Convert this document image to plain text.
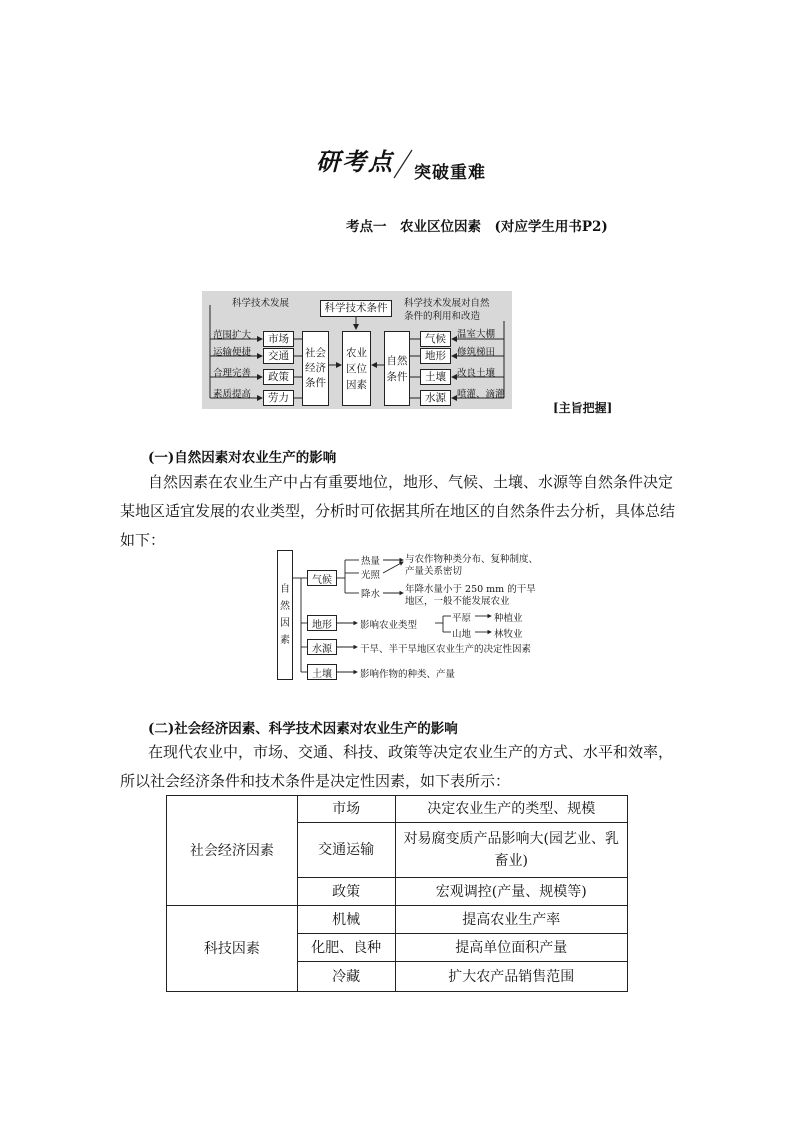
研考点 突破重难
考点一　农业区位因素　(对应学生用书P2)
科学技术发展	科学技术条件	科学技术发展对自然
条件的利用和改造
范围扩大
运输便捷
合理完善
素质提高
市场
交通
政策
劳力
社会经济条件
农业区位因素
自然条件
气候
地形
土壤
水源
温室大棚
修筑梯田
改良土壤
喷灌、滴灌
[主旨把握]
(一)自然因素对农业生产的影响
自然因素在农业生产中占有重要地位，地形、气候、土壤、水源等自然条件决定某地区适宜发展的农业类型，分析时可依据其所在地区的自然条件去分析，具体总结如下：
自然因素
气候
热量
光照
降水
与农作物种类分布、复种制度、
产量关系密切
年降水量小于 250 mm 的干旱
地区，一般不能发展农业
地形	影响农业类型
平原 种植业
山地 林牧业
水源	干旱、半干旱地区农业生产的决定性因素
土壤	影响作物的种类、产量
(二)社会经济因素、科学技术因素对农业生产的影响
在现代农业中，市场、交通、科技、政策等决定农业生产的方式、水平和效率，所以社会经济条件和技术条件是决定性因素，如下表所示：
社会经济因素	市场	决定农业生产的类型、规模
	交通运输	对易腐变质产品影响大(园艺业、乳
畜业)

	政策	宏观调控(产量、规模等)
科技因素	机械	提高农业生产率
	化肥、良种	提高单位面积产量
	冷藏	扩大农产品销售范围
